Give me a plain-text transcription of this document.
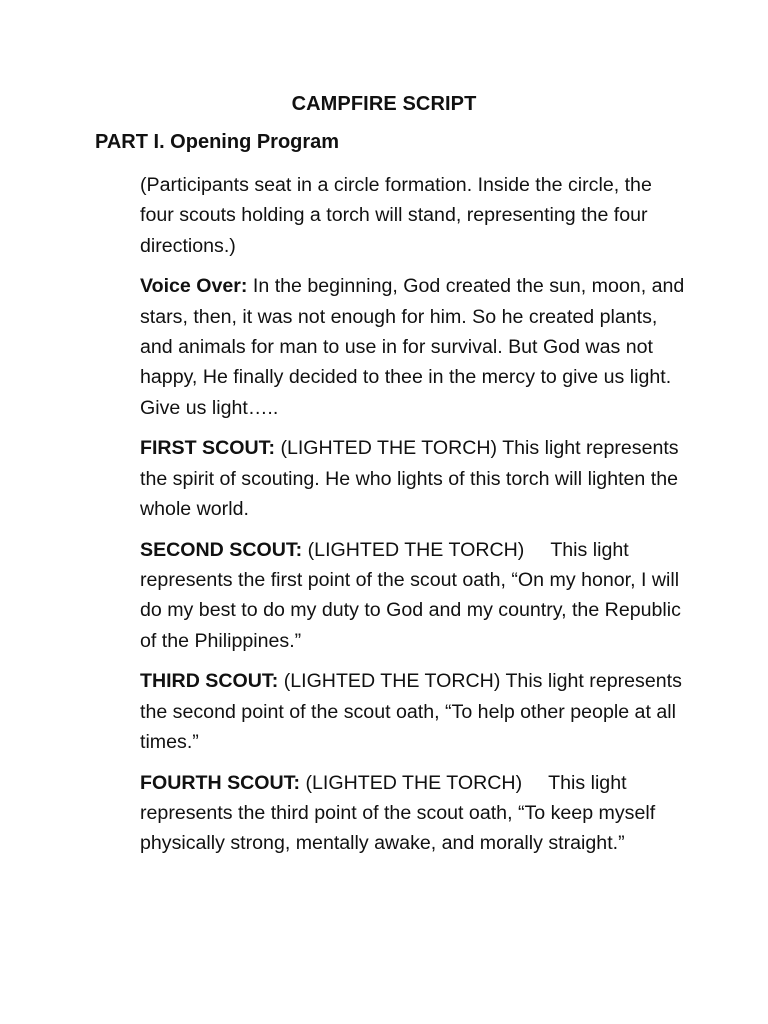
CAMPFIRE SCRIPT
PART I. Opening Program

(Participants seat in a circle formation. Inside the circle, the four scouts holding a torch will stand, representing the four directions.)

Voice Over: In the beginning, God created the sun, moon, and stars, then, it was not enough for him. So he created plants, and animals for man to use in for survival. But God was not happy, He finally decided to thee in the mercy to give us light. Give us light…..

FIRST SCOUT: (LIGHTED THE TORCH) This light represents the spirit of scouting. He who lights of this torch will lighten the whole world.

SECOND SCOUT: (LIGHTED THE TORCH) This light represents the first point of the scout oath, “On my honor, I will do my best to do my duty to God and my country, the Republic of the Philippines.”

THIRD SCOUT: (LIGHTED THE TORCH) This light represents the second point of the scout oath, “To help other people at all times.”

FOURTH SCOUT: (LIGHTED THE TORCH) This light represents the third point of the scout oath, “To keep myself physically strong, mentally awake, and morally straight.”
